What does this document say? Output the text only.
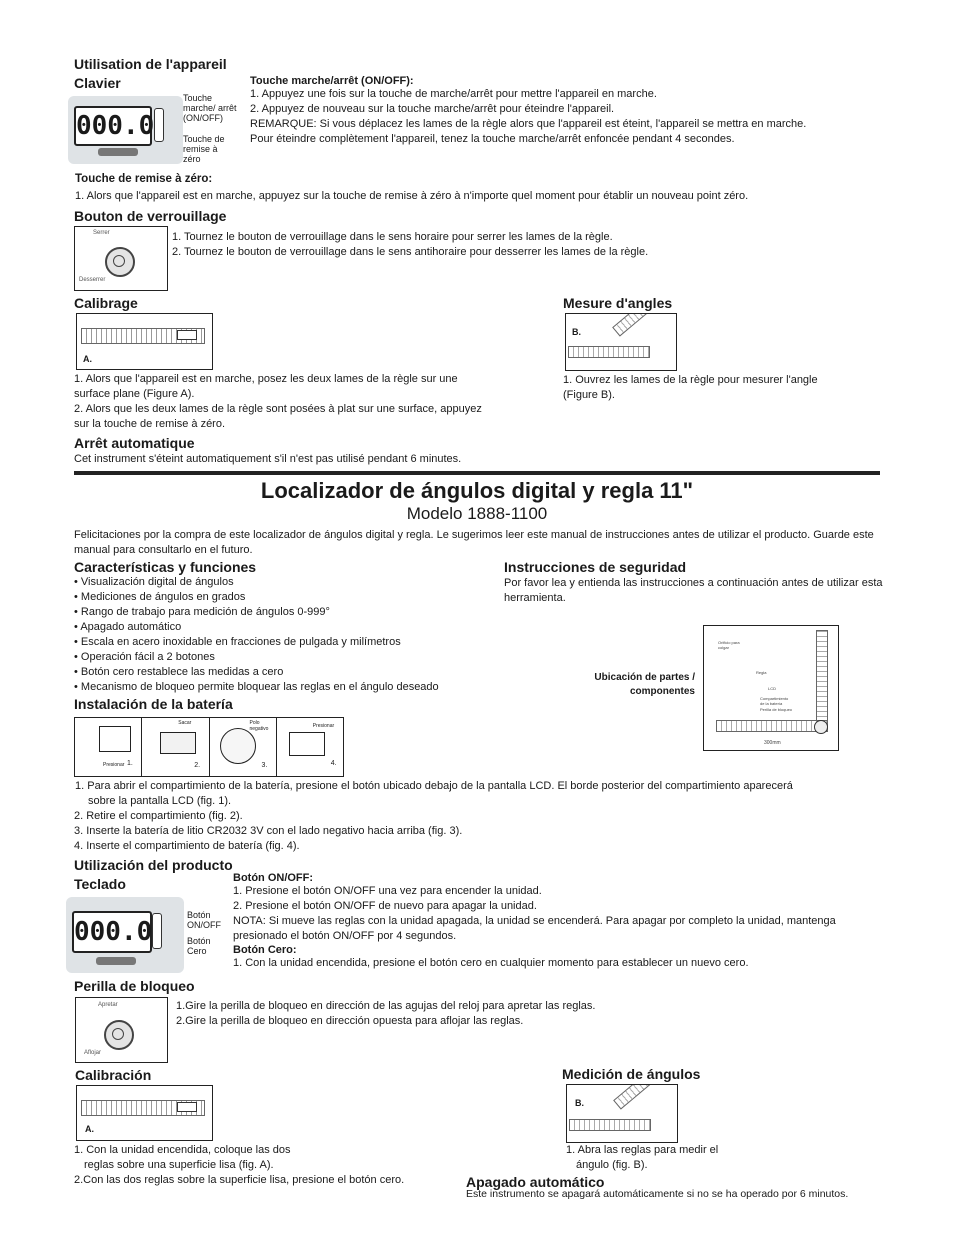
Utilisation de l'appareil
Clavier
000.0
Touche marche/ arrêt (ON/OFF)
Touche de remise à zéro
Touche marche/arrêt (ON/OFF):
1. Appuyez une fois sur la touche de marche/arrêt pour mettre l'appareil en marche.
2. Appuyez de nouveau sur la touche marche/arrêt pour éteindre l'appareil.
REMARQUE: Si vous déplacez les lames de la règle alors que l'appareil est éteint, l'appareil se mettra en marche. Pour éteindre complètement l'appareil, tenez la touche marche/arrêt enfoncée pendant 4 secondes.
Touche de remise à zéro:
1. Alors que l'appareil est en marche, appuyez sur la touche de remise à zéro à n'importe quel moment pour établir un nouveau point zéro.
Bouton de verrouillage
Serrer
Desserrer
1. Tournez le bouton de verrouillage dans le sens horaire pour serrer les lames de la règle.
2. Tournez le bouton de verrouillage dans le sens antihoraire pour desserrer les lames de la règle.
Calibrage
A.

1. Alors que l'appareil est en marche, posez les deux lames de la règle sur une surface plane (Figure A).

2. Alors que les deux lames de la règle sont posées à plat sur une surface, appuyez sur la touche de remise à zéro.

Mesure d'angles
B.
1. Ouvrez les lames de la règle pour mesurer l'angle (Figure B).
Arrêt automatique
Cet instrument s'éteint automatiquement s'il n'est pas utilisé pendant 6 minutes.
Localizador de ángulos digital y regla 11"
Modelo 1888-1100
Felicitaciones por la compra de este localizador de ángulos digital y regla. Le sugerimos leer este manual de instrucciones antes de utilizar el producto. Guarde este manual para consultarlo en el futuro.
Características y funciones
• Visualización digital de ángulos
• Mediciones de ángulos en grados
• Rango de trabajo para medición de ángulos 0-999°
• Apagado automático
• Escala en acero inoxidable en fracciones de pulgada y milímetros
• Operación fácil a 2 botones
• Botón cero restablece las medidas a cero
• Mecanismo de bloqueo permite bloquear las reglas en el ángulo deseado
Instrucciones de seguridad
Por favor lea y entienda las instrucciones a continuación antes de utilizar esta herramienta.
Ubicación de partes / componentes
Orificio para colgar
Regla
LCD
Compartimiento de la batería
Perilla de bloqueo
300mm
Instalación de la batería
Presionar 1.
Sacar
2.
Polo negativo
3.
Presionar
4.

1. Para abrir el compartimiento de la batería, presione el botón ubicado debajo de la pantalla LCD. El borde posterior del compartimiento aparecerá sobre la pantalla LCD (fig. 1).

2. Retire el compartimiento (fig. 2).

3. Inserte la batería de litio CR2032 3V con el lado negativo hacia arriba (fig. 3).

4. Inserte el compartimiento de batería (fig. 4).

Utilización del producto
Teclado
000.0
Botón ON/OFF
Botón Cero
Botón ON/OFF:
1. Presione el botón ON/OFF una vez para encender la unidad.
2. Presione el botón ON/OFF de nuevo para apagar la unidad.
NOTA: Si mueve las reglas con la unidad apagada, la unidad se encenderá. Para apagar por completo la unidad, mantenga presionado el botón ON/OFF por 4 segundos.
Botón Cero:
1. Con la unidad encendida, presione el botón cero en cualquier momento para establecer un nuevo cero.
Perilla de bloqueo
Apretar
Aflojar
1.Gire la perilla de bloqueo en dirección de las agujas del reloj para apretar las reglas.
2.Gire la perilla de bloqueo en dirección opuesta para aflojar las reglas.
Calibración
A.

1. Con la unidad encendida, coloque las dos reglas sobre una superficie lisa (fig. A).

2.Con las dos reglas sobre la superficie lisa, presione el botón cero.

Medición de ángulos
B.
1. Abra las reglas para medir el ángulo (fig. B).
Apagado automático
Este instrumento se apagará automáticamente si no se ha operado por 6 minutos.
